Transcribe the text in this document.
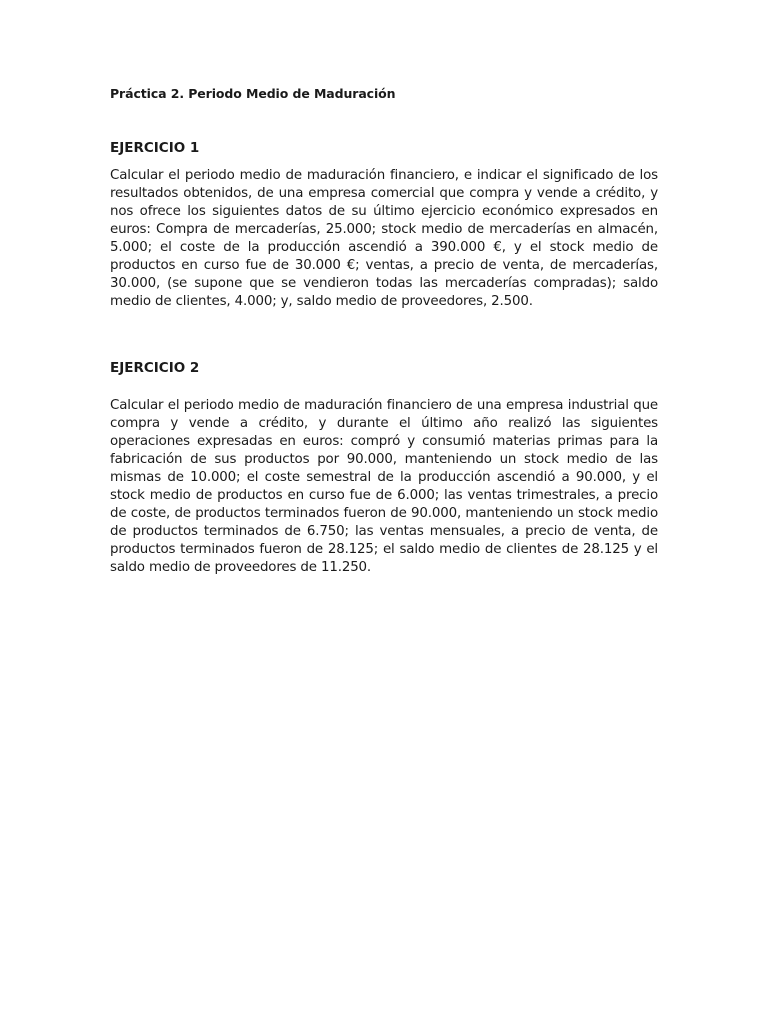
Práctica 2. Periodo Medio de Maduración
EJERCICIO 1

Calcular el periodo medio de maduración financiero, e indicar el significado de los resultados obtenidos, de una empresa comercial que compra y vende a crédito, y nos ofrece los siguientes datos de su último ejercicio económico expresados en euros: Compra de mercaderías, 25.000; stock medio de mercaderías en almacén, 5.000; el coste de la producción ascendió a 390.000 €, y el stock medio de productos en curso fue de 30.000 €; ventas, a precio de venta, de mercaderías, 30.000, (se supone que se vendieron todas las mercaderías compradas); saldo medio de clientes, 4.000; y, saldo medio de proveedores, 2.500.

EJERCICIO 2

Calcular el periodo medio de maduración financiero de una empresa industrial que compra y vende a crédito, y durante el último año realizó las siguientes operaciones expresadas en euros: compró y consumió materias primas para la fabricación de sus productos por 90.000, manteniendo un stock medio de las mismas de 10.000; el coste semestral de la producción ascendió a 90.000, y el stock medio de productos en curso fue de 6.000; las ventas trimestrales, a precio de coste, de productos terminados fueron de 90.000, manteniendo un stock medio de productos terminados de 6.750; las ventas mensuales, a precio de venta, de productos terminados fueron de 28.125; el saldo medio de clientes de 28.125 y el saldo medio de proveedores de 11.250.
